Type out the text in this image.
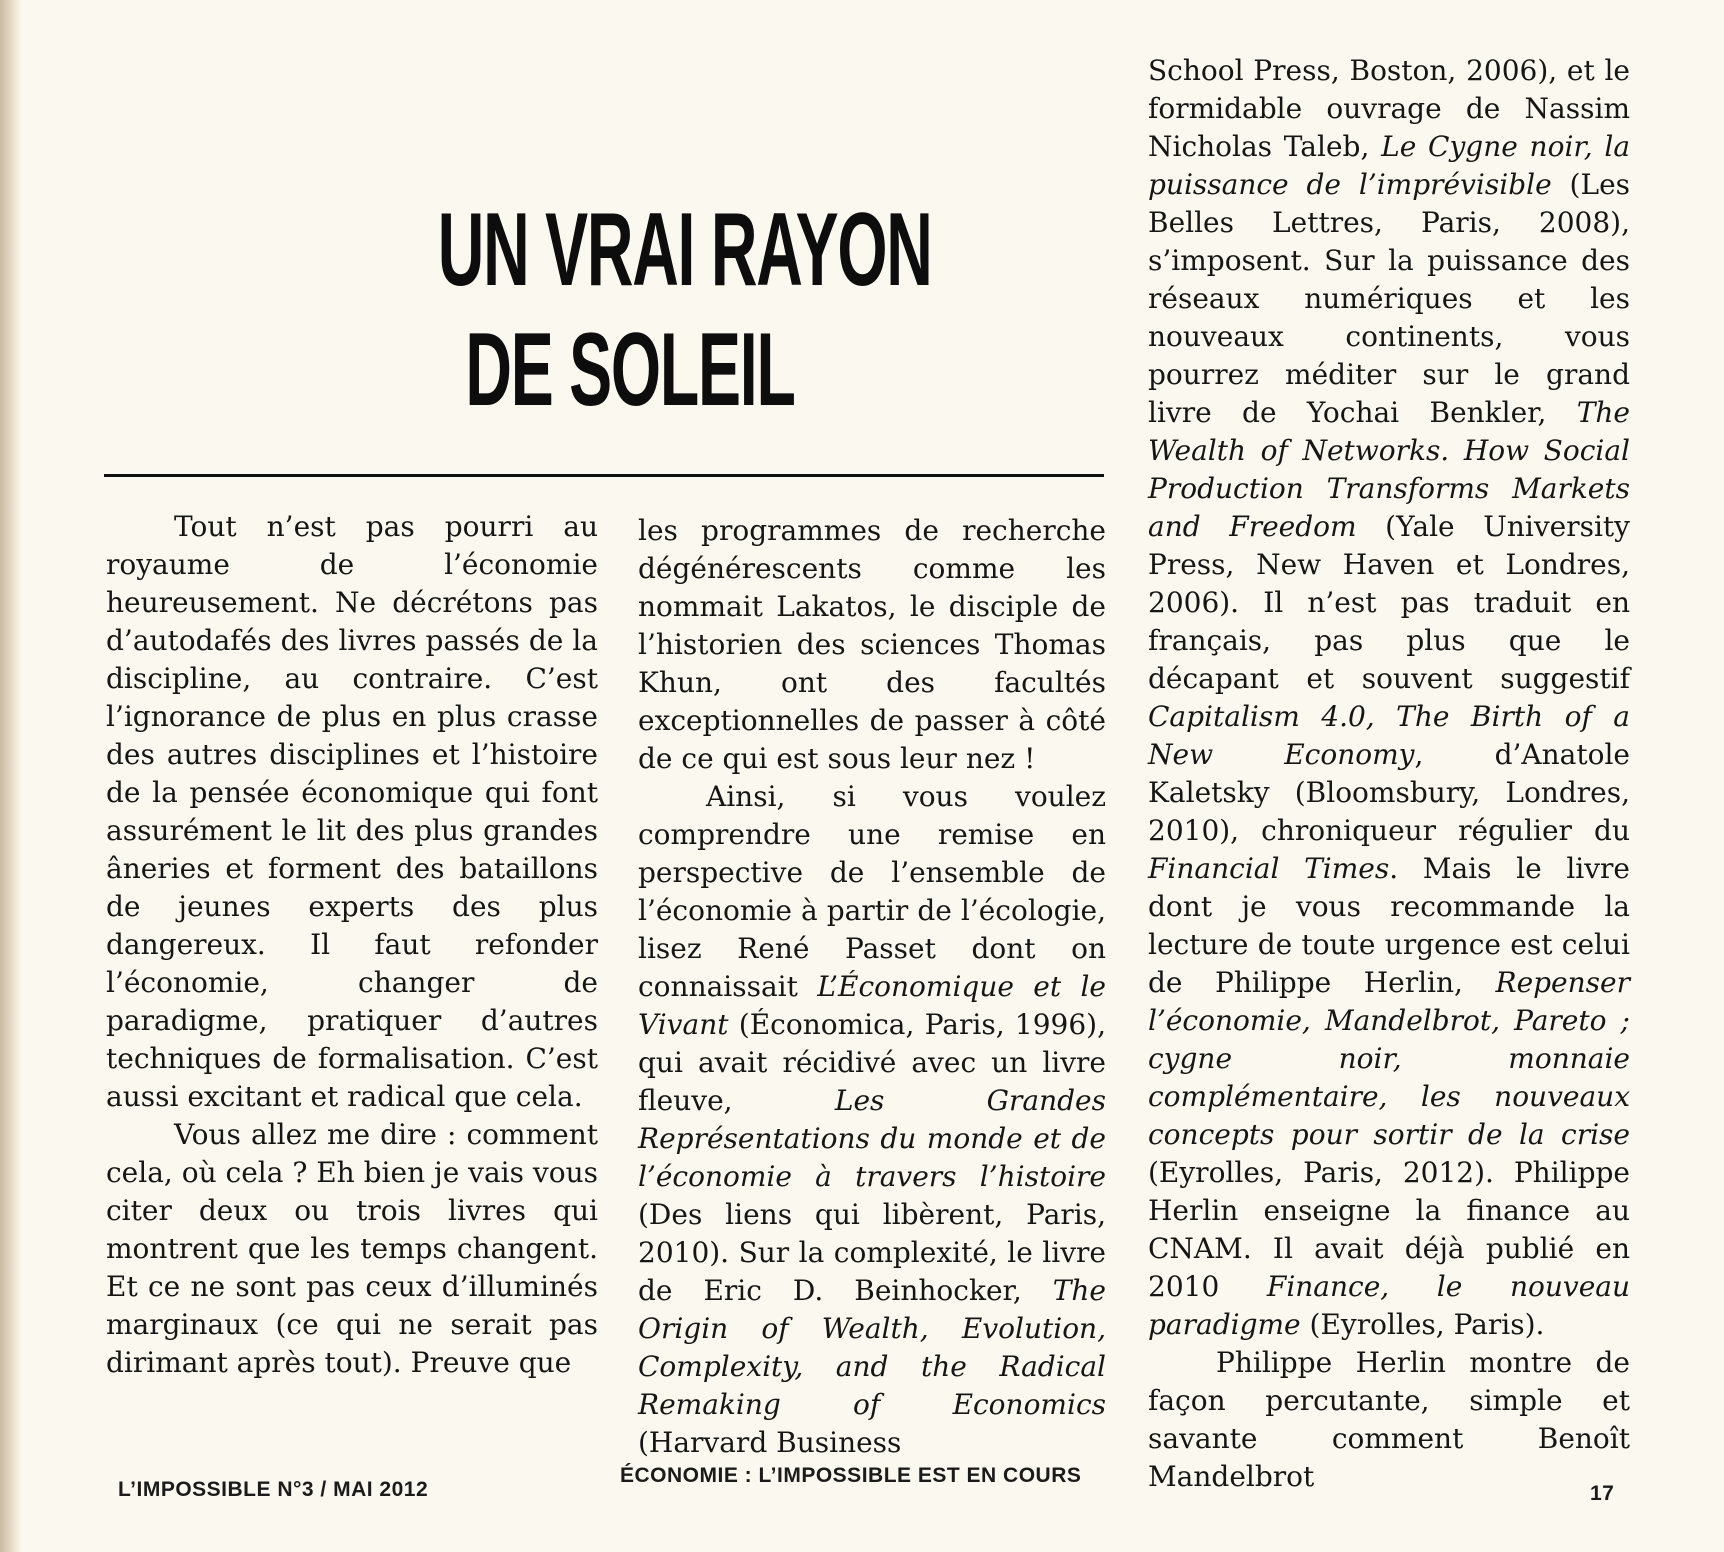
UN VRAI RAYON
DE SOLEIL

Tout n’est pas pourri au royaume de l’économie heureusement. Ne décrétons pas d’autodafés des livres passés de la discipline, au contraire. C’est l’ignorance de plus en plus crasse des autres disciplines et l’histoire de la pensée économique qui font assurément le lit des plus grandes âneries et forment des bataillons de jeunes experts des plus dangereux. Il faut refonder l’économie, changer de paradigme, pratiquer d’autres techniques de formalisation. C’est aussi excitant et radical que cela.

Vous allez me dire : comment cela, où cela ? Eh bien je vais vous citer deux ou trois livres qui montrent que les temps changent. Et ce ne sont pas ceux d’illuminés marginaux (ce qui ne serait pas dirimant après tout). Preuve que

les programmes de recherche dégénérescents comme les nommait Lakatos, le disciple de l’historien des sciences Thomas Khun, ont des facultés exceptionnelles de passer à côté de ce qui est sous leur nez !

Ainsi, si vous voulez comprendre une remise en perspective de l’ensemble de l’économie à partir de l’écologie, lisez René Passet dont on connaissait L’Économique et le Vivant (Économica, Paris, 1996), qui avait récidivé avec un livre fleuve, Les Grandes Représentations du monde et de l’économie à travers l’histoire (Des liens qui libèrent, Paris, 2010). Sur la complexité, le livre de Eric D. Beinhocker, The Origin of Wealth, Evolution, Complexity, and the Radical Remaking of Economics (Harvard Business

School Press, Boston, 2006), et le formidable ouvrage de Nassim Nicholas Taleb, Le Cygne noir, la puissance de l’imprévisible (Les Belles Lettres, Paris, 2008), s’imposent. Sur la puissance des réseaux numériques et les nouveaux continents, vous pourrez méditer sur le grand livre de Yochai Benkler, The Wealth of Networks. How Social Production Transforms Markets and Freedom (Yale University Press, New Haven et Londres, 2006). Il n’est pas traduit en français, pas plus que le décapant et souvent suggestif Capitalism 4.0, The Birth of a New Economy, d’Anatole Kaletsky (Bloomsbury, Londres, 2010), chroniqueur régulier du Financial Times. Mais le livre dont je vous recommande la lecture de toute urgence est celui de Philippe Herlin, Repenser l’économie, Mandelbrot, Pareto ; cygne noir, monnaie complémentaire, les nouveaux concepts pour sortir de la crise (Eyrolles, Paris, 2012). Philippe Herlin enseigne la finance au CNAM. Il avait déjà publié en 2010 Finance, le nouveau paradigme (Eyrolles, Paris).

Philippe Herlin montre de façon percutante, simple et savante comment Benoît Mandelbrot

L’IMPOSSIBLE N°3 / MAI 2012
ÉCONOMIE : L’IMPOSSIBLE EST EN COURS
17
